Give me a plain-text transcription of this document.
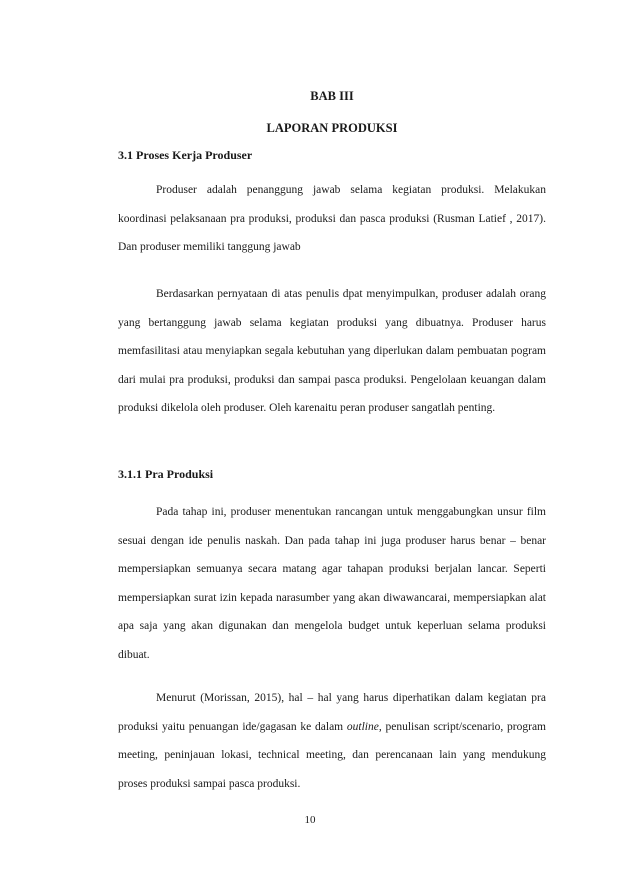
BAB III
LAPORAN PRODUKSI
3.1 Proses Kerja Produser

Produser adalah penanggung jawab selama kegiatan produksi. Melakukan koordinasi pelaksanaan pra produksi, produksi dan pasca produksi (Rusman Latief , 2017). Dan produser memiliki tanggung jawab

Berdasarkan pernyataan di atas penulis dpat menyimpulkan, produser adalah orang yang bertanggung jawab selama kegiatan produksi yang dibuatnya. Produser harus memfasilitasi atau menyiapkan segala kebutuhan yang diperlukan dalam pembuatan pogram dari mulai pra produksi, produksi dan sampai pasca produksi. Pengelolaan keuangan dalam produksi dikelola oleh produser. Oleh karenaitu peran produser sangatlah penting.

3.1.1 Pra Produksi

Pada tahap ini, produser menentukan rancangan untuk menggabungkan unsur film sesuai dengan ide penulis naskah. Dan pada tahap ini juga produser harus benar – benar mempersiapkan semuanya secara matang agar tahapan produksi berjalan lancar. Seperti mempersiapkan surat izin kepada narasumber yang akan diwawancarai, mempersiapkan alat apa saja yang akan digunakan dan mengelola budget untuk keperluan selama produksi dibuat.

Menurut (Morissan, 2015), hal – hal yang harus diperhatikan dalam kegiatan pra produksi yaitu penuangan ide/gagasan ke dalam outline, penulisan script/scenario, program meeting, peninjauan lokasi, technical meeting, dan perencanaan lain yang mendukung proses produksi sampai pasca produksi.

10
